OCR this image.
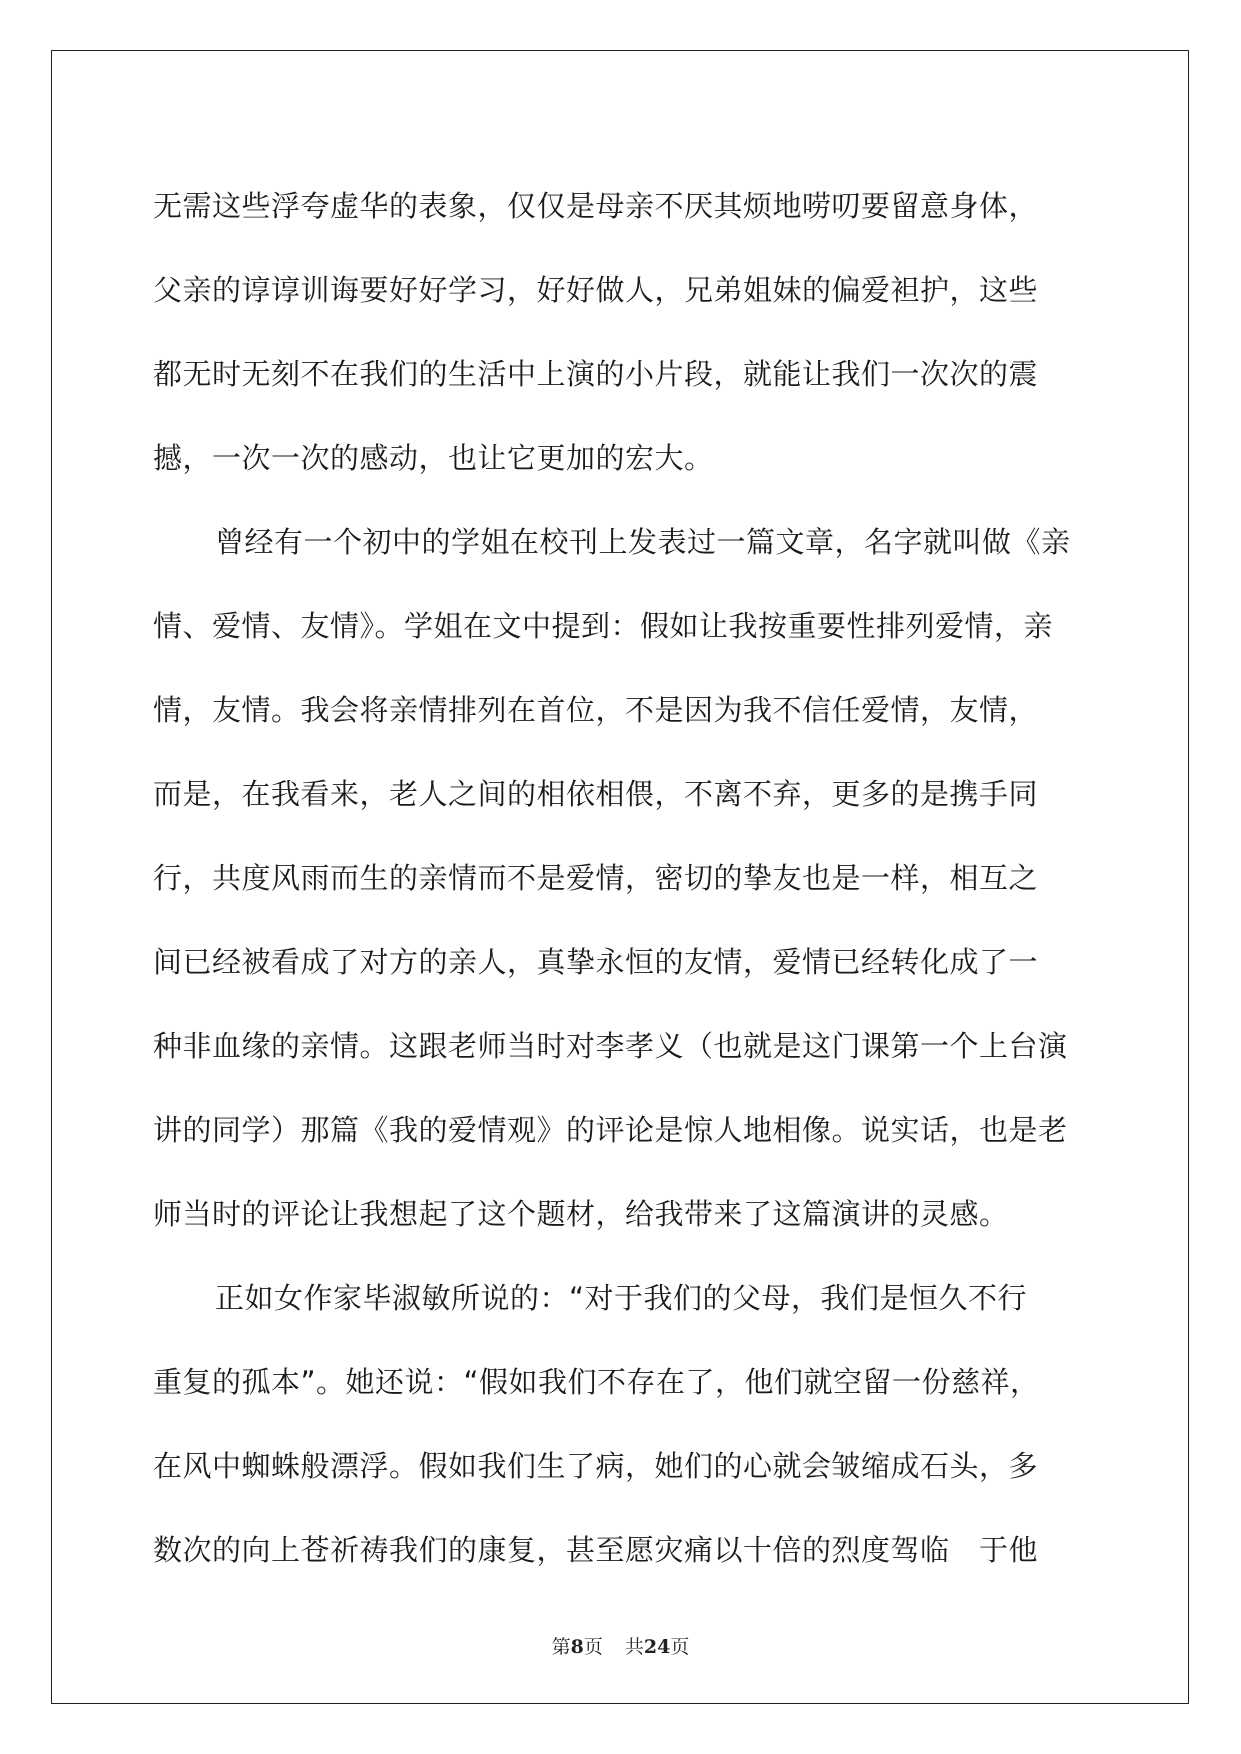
无需这些浮夸虚华的表象，仅仅是母亲不厌其烦地唠叨要留意身体，
父亲的谆谆训诲要好好学习，好好做人，兄弟姐妹的偏爱袒护，这些
都无时无刻不在我们的生活中上演的小片段，就能让我们一次次的震
撼，一次一次的感动，也让它更加的宏大。
曾经有一个初中的学姐在校刊上发表过一篇文章，名字就叫做《亲
情、爱情、友情》。学姐在文中提到：假如让我按重要性排列爱情，亲
情，友情。我会将亲情排列在首位，不是因为我不信任爱情，友情，
而是，在我看来，老人之间的相依相偎，不离不弃，更多的是携手同
行，共度风雨而生的亲情而不是爱情，密切的挚友也是一样，相互之
间已经被看成了对方的亲人，真挚永恒的友情，爱情已经转化成了一
种非血缘的亲情。这跟老师当时对李孝义（也就是这门课第一个上台演
讲的同学）那篇《我的爱情观》的评论是惊人地相像。说实话，也是老
师当时的评论让我想起了这个题材，给我带来了这篇演讲的灵感。
正如女作家毕淑敏所说的：“对于我们的父母，我们是恒久不行
重复的孤本”。她还说：“假如我们不存在了，他们就空留一份慈祥，
在风中蜘蛛般漂浮。假如我们生了病，她们的心就会皱缩成石头，多
数次的向上苍祈祷我们的康复，甚至愿灾痛以十倍的烈度驾临　于他
第8页 共24页
